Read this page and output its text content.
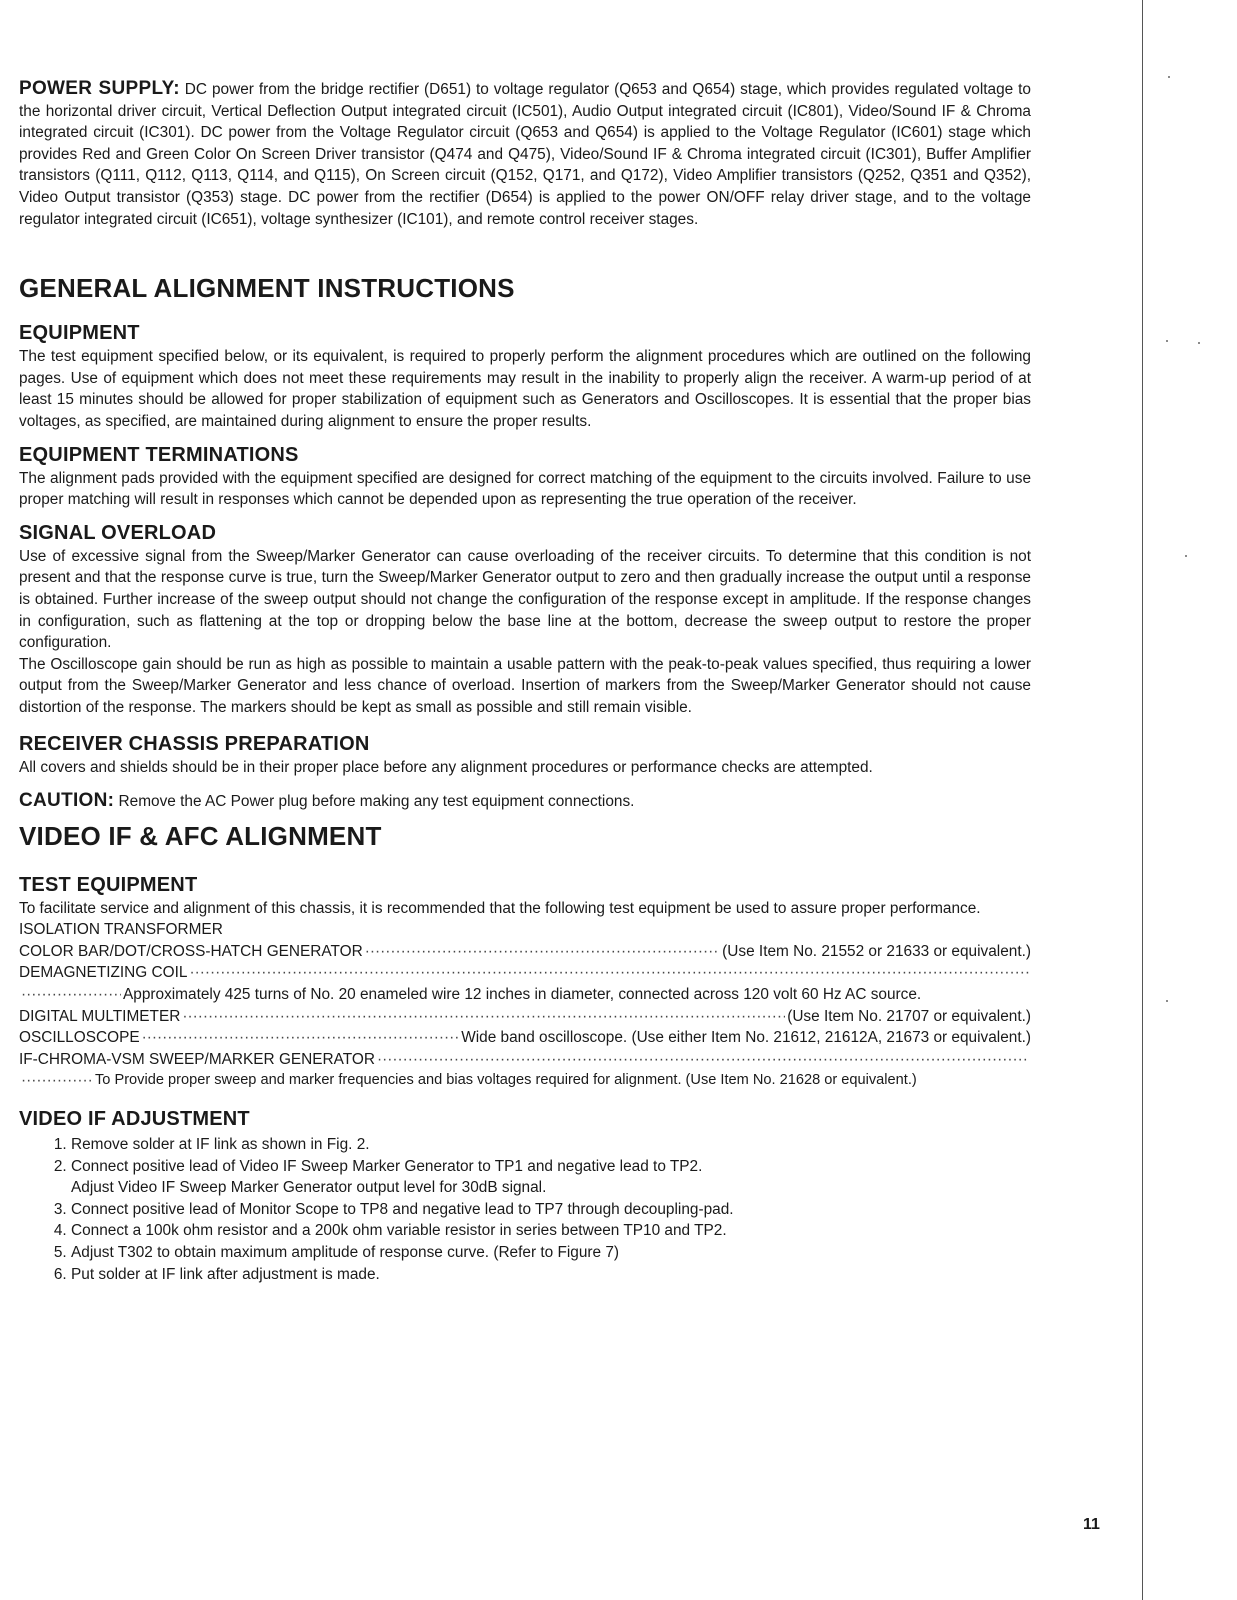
POWER SUPPLY: DC power from the bridge rectifier (D651) to voltage regulator (Q653 and Q654) stage, which provides regulated voltage to the horizontal driver circuit, Vertical Deflection Output integrated circuit (IC501), Audio Output integrated circuit (IC801), Video/Sound IF & Chroma integrated circuit (IC301). DC power from the Voltage Regulator circuit (Q653 and Q654) is applied to the Voltage Regulator (IC601) stage which provides Red and Green Color On Screen Driver transistor (Q474 and Q475), Video/Sound IF & Chroma integrated circuit (IC301), Buffer Amplifier transistors (Q111, Q112, Q113, Q114, and Q115), On Screen circuit (Q152, Q171, and Q172), Video Amplifier transistors (Q252, Q351 and Q352), Video Output transistor (Q353) stage. DC power from the rectifier (D654) is applied to the power ON/OFF relay driver stage, and to the voltage regulator integrated circuit (IC651), voltage synthesizer (IC101), and remote control receiver stages.

GENERAL ALIGNMENT INSTRUCTIONS
EQUIPMENT

The test equipment specified below, or its equivalent, is required to properly perform the alignment procedures which are outlined on the following pages. Use of equipment which does not meet these requirements may result in the inability to properly align the receiver. A warm-up period of at least 15 minutes should be allowed for proper stabilization of equipment such as Generators and Oscilloscopes. It is essential that the proper bias voltages, as specified, are maintained during alignment to ensure the proper results.

EQUIPMENT TERMINATIONS

The alignment pads provided with the equipment specified are designed for correct matching of the equipment to the circuits involved. Failure to use proper matching will result in responses which cannot be depended upon as representing the true operation of the receiver.

SIGNAL OVERLOAD

Use of excessive signal from the Sweep/Marker Generator can cause overloading of the receiver circuits. To determine that this condition is not present and that the response curve is true, turn the Sweep/Marker Generator output to zero and then gradually increase the output until a response is obtained. Further increase of the sweep output should not change the configuration of the response except in amplitude. If the response changes in configuration, such as flattening at the top or dropping below the base line at the bottom, decrease the sweep output to restore the proper configuration.

The Oscilloscope gain should be run as high as possible to maintain a usable pattern with the peak-to-peak values specified, thus requiring a lower output from the Sweep/Marker Generator and less chance of overload. Insertion of markers from the Sweep/Marker Generator should not cause distortion of the response. The markers should be kept as small as possible and still remain visible.

RECEIVER CHASSIS PREPARATION

All covers and shields should be in their proper place before any alignment procedures or performance checks are attempted.

CAUTION: Remove the AC Power plug before making any test equipment connections.

VIDEO IF & AFC ALIGNMENT
TEST EQUIPMENT

To facilitate service and alignment of this chassis, it is recommended that the following test equipment be used to assure proper performance.

ISOLATION TRANSFORMER
COLOR BAR/DOT/CROSS-HATCH GENERATOR ·····	(Use Item No. 21552 or 21633 or equivalent.)
DEMAGNETIZING COIL
·····
·····
Approximately 425 turns of No. 20 enameled wire 12 inches in diameter, connected across 120 volt 60 Hz AC source.
DIGITAL MULTIMETER ·····	(Use Item No. 21707 or equivalent.)
OSCILLOSCOPE ·····	Wide band oscilloscope. (Use either Item No. 21612, 21612A, 21673 or equivalent.)
IF-CHROMA-VSM SWEEP/MARKER GENERATOR
·····
·····
To Provide proper sweep and marker frequencies and bias voltages required for alignment. (Use Item No. 21628 or equivalent.)
VIDEO IF ADJUSTMENT
1. Remove solder at IF link as shown in Fig. 2.
2. Connect positive lead of Video IF Sweep Marker Generator to TP1 and negative lead to TP2.
Adjust Video IF Sweep Marker Generator output level for 30dB signal.
3. Connect positive lead of Monitor Scope to TP8 and negative lead to TP7 through decoupling-pad.
4. Connect a 100k ohm resistor and a 200k ohm variable resistor in series between TP10 and TP2.
5. Adjust T302 to obtain maximum amplitude of response curve. (Refer to Figure 7)
6. Put solder at IF link after adjustment is made.
11
